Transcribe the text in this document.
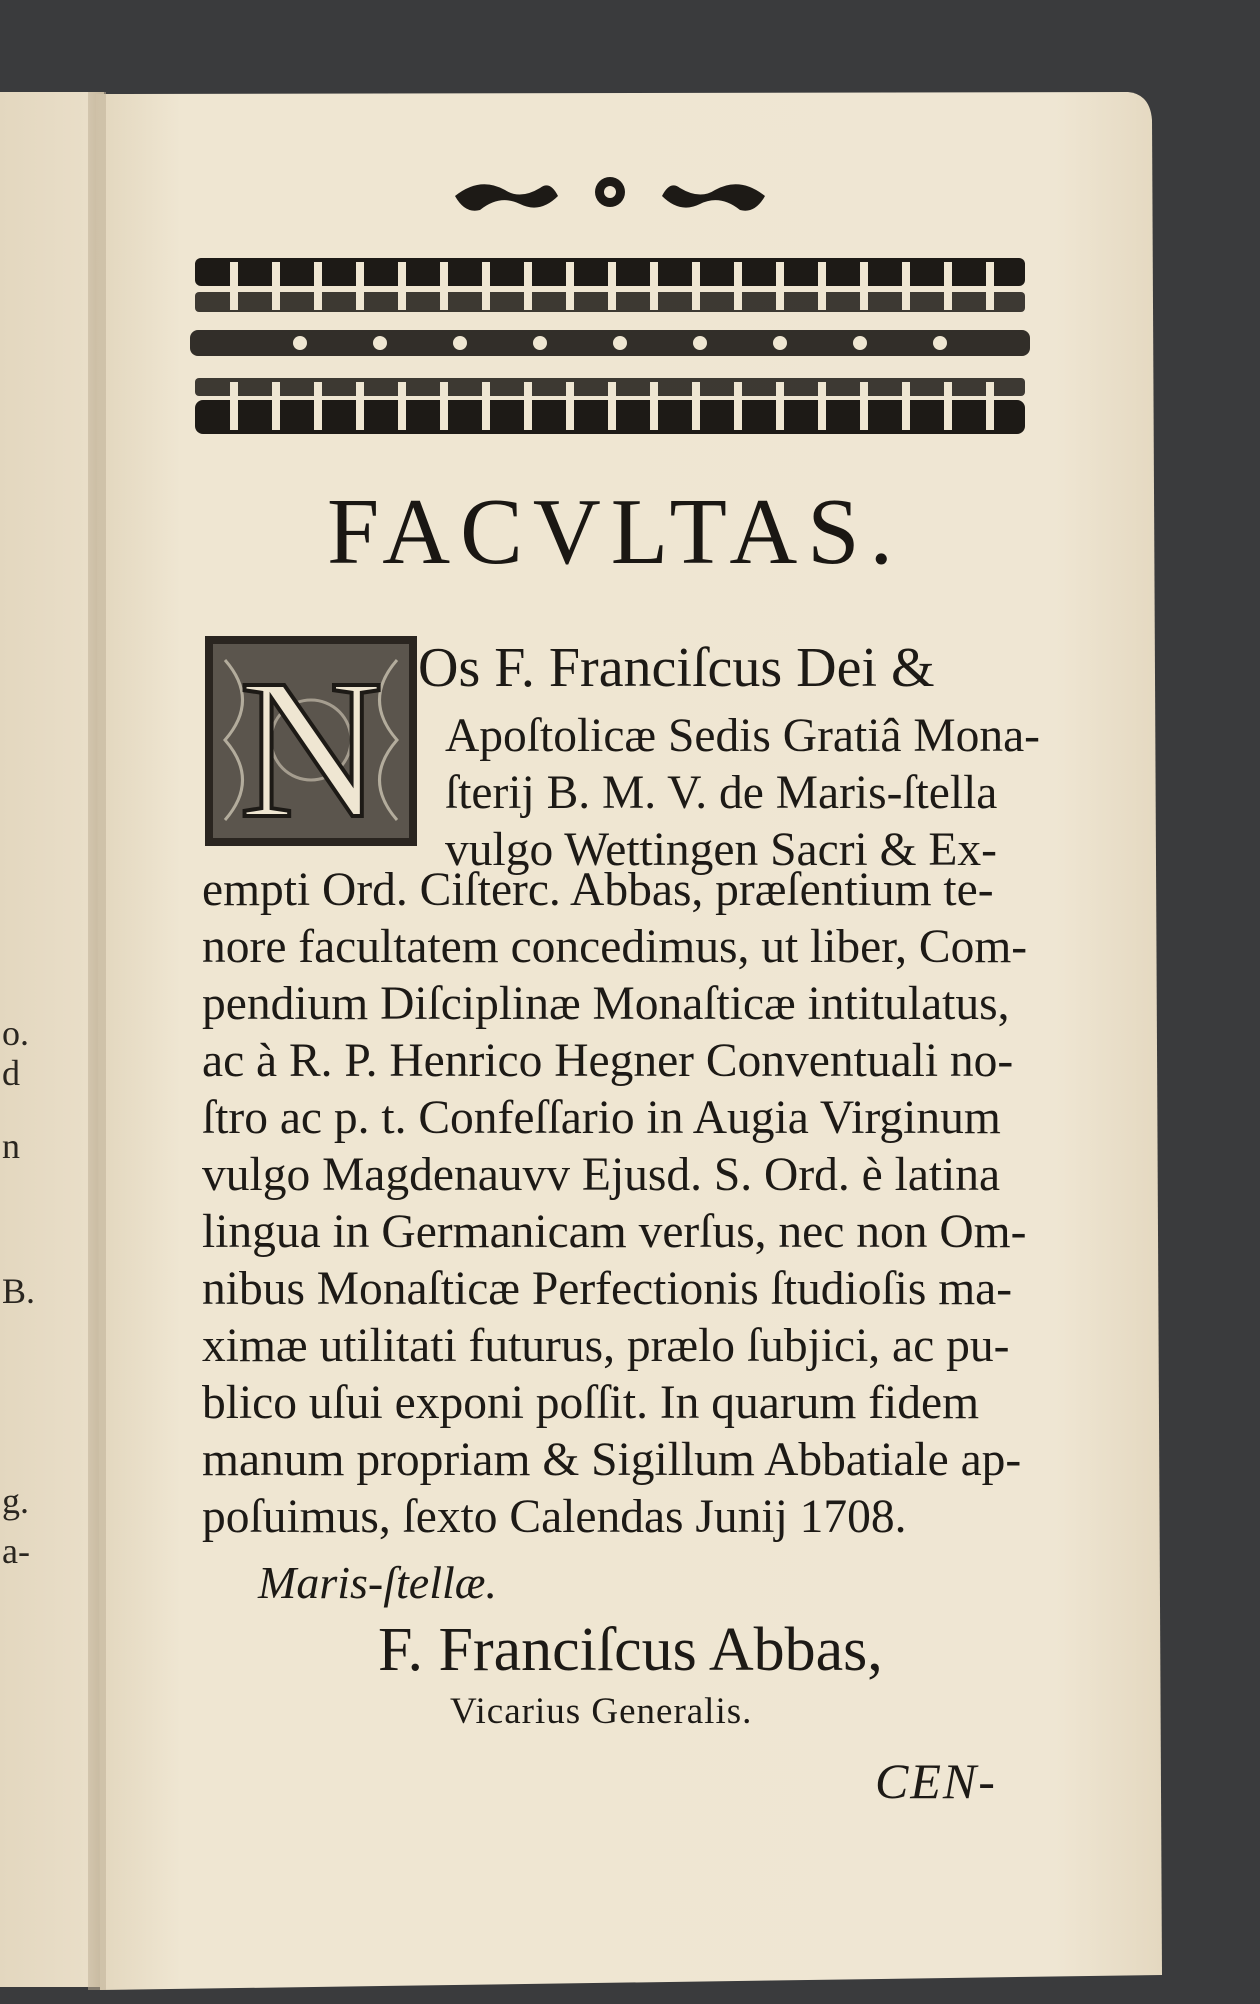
d
n
B.
g.
a-
o.
FACVLTAS.
N Os F. Franciſcus Dei &
Apoſtolicæ Sedis Gratiâ Mona-
ſterij B. M. V. de Maris-ſtella
vulgo Wettingen Sacri & Ex-
empti Ord. Ciſterc. Abbas, præſentium te-
nore facultatem concedimus, ut liber, Com-
pendium Diſciplinæ Monaſticæ intitulatus,
ac à R. P. Henrico Hegner Conventuali no-
ſtro ac p. t. Confeſſario in Augia Virginum
vulgo Magdenauvv Ejusd. S. Ord. è latina
lingua in Germanicam verſus, nec non Om-
nibus Monaſticæ Perfectionis ſtudioſis ma-
ximæ utilitati futurus, prælo ſubjici, ac pu-
blico uſui exponi poſſit. In quarum fidem
manum propriam & Sigillum Abbatiale ap-
poſuimus, ſexto Calendas Junij 1708.
Maris-ſtellæ.
F. Franciſcus Abbas,
Vicarius Generalis.
CEN-
